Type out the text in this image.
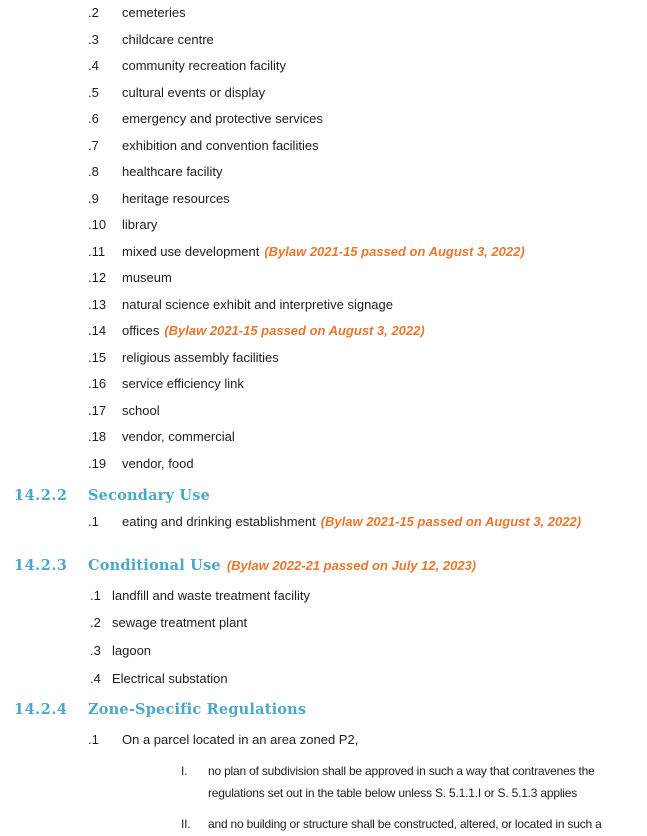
.2	cemeteries
.3	childcare centre
.4	community recreation facility
.5	cultural events or display
.6	emergency and protective services
.7	exhibition and convention facilities
.8	healthcare facility
.9	heritage resources
.10	library
.11	mixed use development (Bylaw 2021-15 passed on August 3, 2022)
.12	museum
.13	natural science exhibit and interpretive signage
.14	offices (Bylaw 2021-15 passed on August 3, 2022)
.15	religious assembly facilities
.16	service efficiency link
.17	school
.18	vendor, commercial
.19	vendor, food
14.2.2	Secondary Use
.1	eating and drinking establishment (Bylaw 2021-15 passed on August 3, 2022)
14.2.3	Conditional Use (Bylaw 2022-21 passed on July 12, 2023)
.1 landfill and waste treatment facility
.2 sewage treatment plant
.3 lagoon
.4 Electrical substation
14.2.4	Zone-Specific Regulations
.1	On a parcel located in an area zoned P2,
I.	no plan of subdivision shall be approved in such a way that contravenes the
regulations set out in the table below unless S. 5.1.1.I or S. 5.1.3 applies
II.	and no building or structure shall be constructed, altered, or located in such a
